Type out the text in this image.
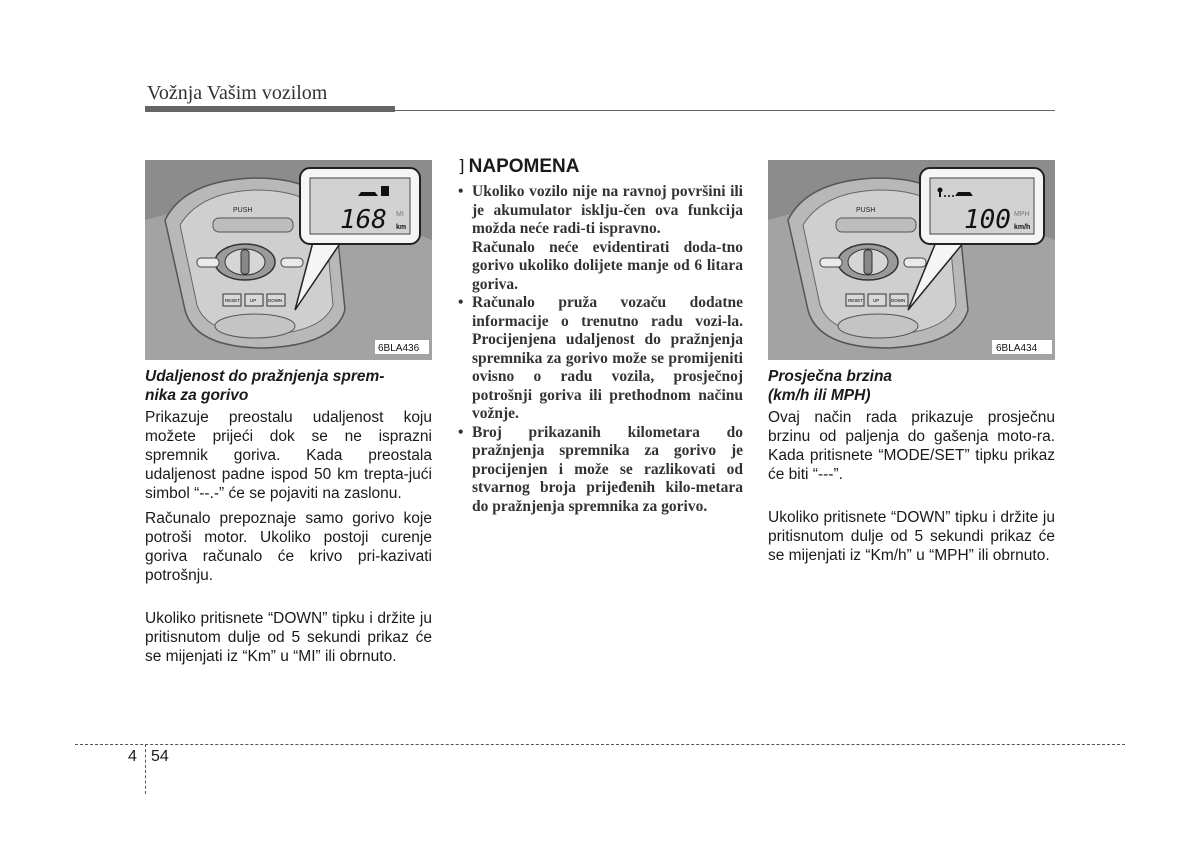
Vožnja Vašim vozilom
PUSH
RESET UP	DOWN
168 MI
km
6BLA436
PUSH
RESET UP	DOWN
100 MPH
km/h
6BLA434
Udaljenost do pražnjenja sprem-
nika za gorivo

Prikazuje preostalu udaljenost koju možete prijeći dok se ne isprazni spremnik goriva. Kada preostala udaljenost padne ispod 50 km trepta-jući simbol “--.-” će se pojaviti na zaslonu.

Računalo prepoznaje samo gorivo koje potroši motor. Ukoliko postoji curenje goriva računalo će krivo pri-kazivati potrošnju.

Ukoliko pritisnete “DOWN” tipku i držite ju pritisnutom dulje od 5 sekundi prikaz će se mijenjati iz “Km” u “MI” ili obrnuto.

] NAPOMENA
• Ukoliko vozilo nije na ravnoj površini ili je akumulator isklju-čen ova funkcija možda neće radi-ti ispravno.
Računalo neće evidentirati doda-tno gorivo ukoliko dolijete manje od 6 litara goriva.
• Računalo pruža vozaču dodatne informacije o trenutno radu vozi-la. Procijenjena udaljenost do pražnjenja spremnika za gorivo može se promijeniti ovisno o radu vozila, prosječnoj potrošnji goriva ili prethodnom načinu vožnje.
• Broj prikazanih kilometara do pražnjenja spremnika za gorivo je procijenjen i može se razlikovati od stvarnog broja prijeđenih kilo-metara do pražnjenja spremnika za gorivo.
Prosječna brzina
(km/h ili MPH)

Ovaj način rada prikazuje prosječnu brzinu od paljenja do gašenja moto-ra. Kada pritisnete “MODE/SET” tipku prikaz će biti “---”.

Ukoliko pritisnete “DOWN” tipku i držite ju pritisnutom dulje od 5 sekundi prikaz će se mijenjati iz “Km/h” u “MPH” ili obrnuto.

4 54
